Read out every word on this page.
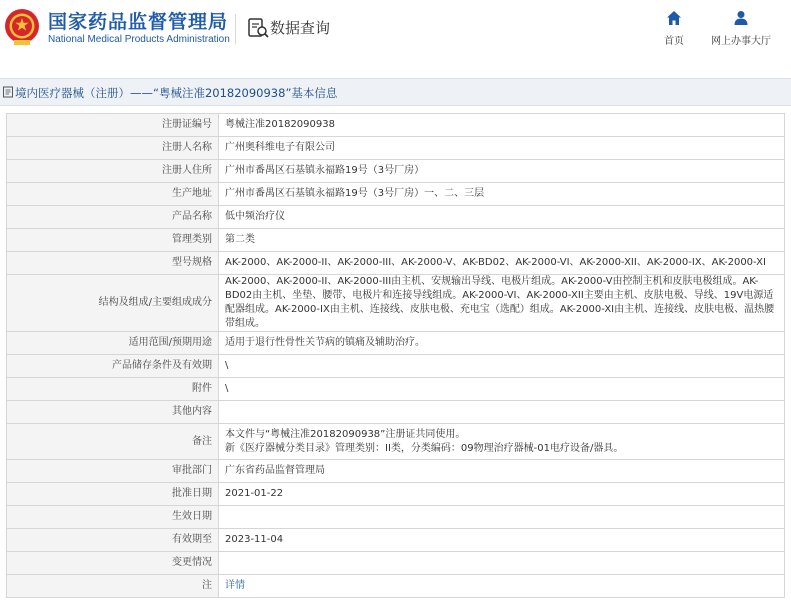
国家药品监督管理局
National Medical Products Administration
数据查询
首页	网上办事大厅
境内医疗器械（注册）——“粤械注准20182090938”基本信息
注册证编号	粤械注准20182090938
注册人名称	广州奥科维电子有限公司
注册人住所	广州市番禺区石基镇永福路19号（3号厂房）
生产地址	广州市番禺区石基镇永福路19号（3号厂房）一、二、三层
产品名称	低中频治疗仪
管理类别	第二类
型号规格	AK-2000、AK-2000-II、AK-2000-III、AK-2000-V、AK-BD02、AK-2000-VI、AK-2000-XII、AK-2000-IX、AK-2000-XI
结构及组成/主要组成成分	AK-2000、AK-2000-II、AK-2000-III由主机、安规输出导线、电极片组成。AK-2000-V由控制主机和皮肤电极组成。AK-BD02由主机、坐垫、腰带、电极片和连接导线组成。AK-2000-VI、AK-2000-XII主要由主机、皮肤电极、导线、19V电源适配器组成。AK-2000-IX由主机、连接线、皮肤电极、充电宝（选配）组成。AK-2000-XI由主机、连接线、皮肤电极、温热腰带组成。
适用范围/预期用途	适用于退行性骨性关节病的镇痛及辅助治疗。
产品储存条件及有效期	\
附件	\
其他内容	
备注	本文件与“粤械注准20182090938”注册证共同使用。
新《医疗器械分类目录》管理类别：II类，分类编码：09物理治疗器械-01电疗设备/器具。

审批部门	广东省药品监督管理局
批准日期	2021-01-22
生效日期	
有效期至	2023-11-04
变更情况	
注	详情
